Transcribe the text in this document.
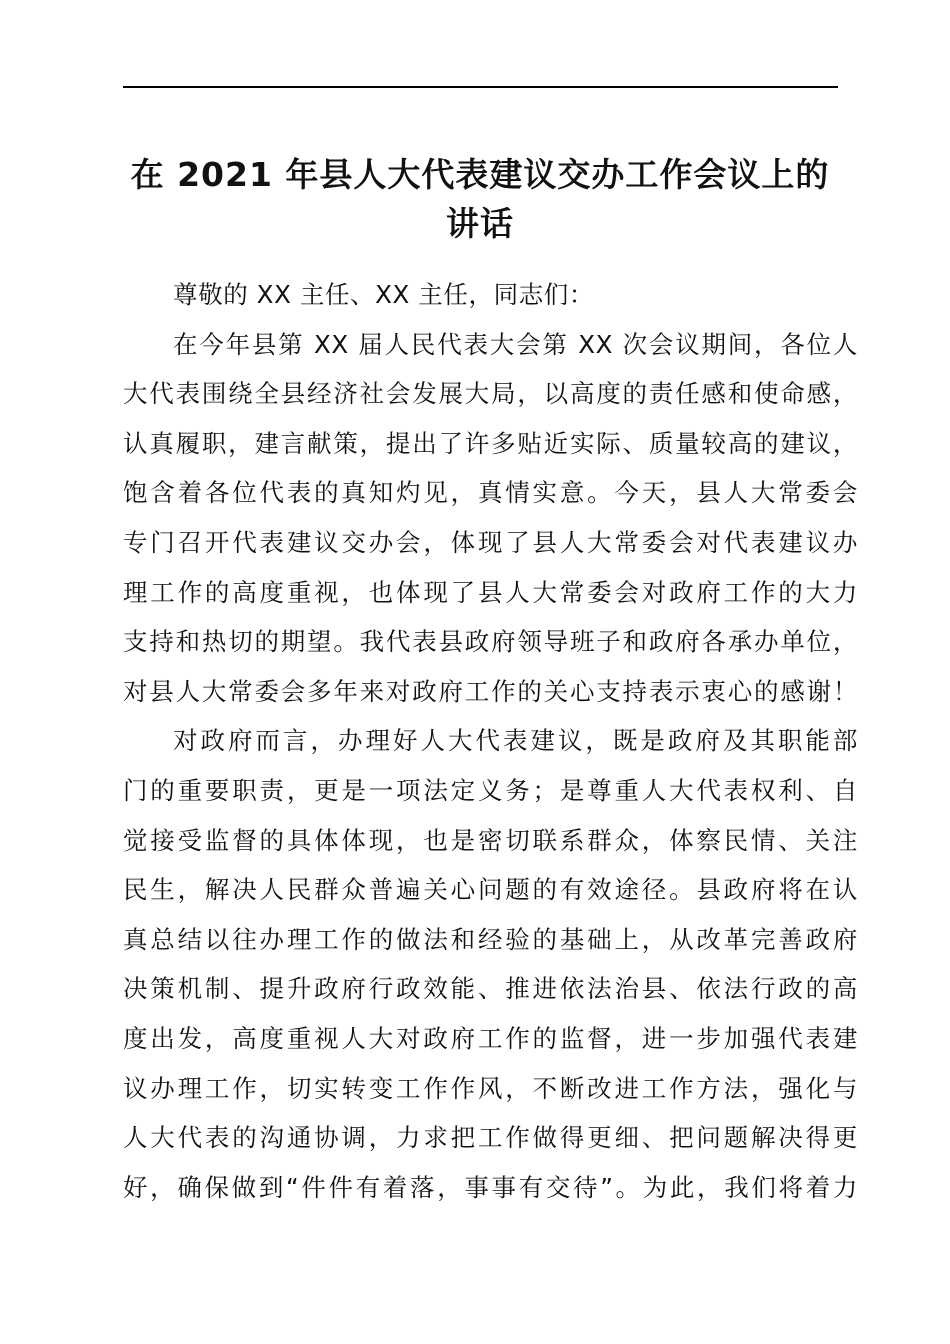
在 2021 年县人大代表建议交办工作会议上的
讲话
尊敬的 XX 主任、XX 主任，同志们：
在今年县第 XX 届人民代表大会第 XX 次会议期间，各位人
大代表围绕全县经济社会发展大局，以高度的责任感和使命感，
认真履职，建言献策，提出了许多贴近实际、质量较高的建议，
饱含着各位代表的真知灼见，真情实意。今天，县人大常委会
专门召开代表建议交办会，体现了县人大常委会对代表建议办
理工作的高度重视，也体现了县人大常委会对政府工作的大力
支持和热切的期望。我代表县政府领导班子和政府各承办单位，
对县人大常委会多年来对政府工作的关心支持表示衷心的感谢！
对政府而言，办理好人大代表建议，既是政府及其职能部
门的重要职责，更是一项法定义务；是尊重人大代表权利、自
觉接受监督的具体体现，也是密切联系群众，体察民情、关注
民生，解决人民群众普遍关心问题的有效途径。县政府将在认
真总结以往办理工作的做法和经验的基础上，从改革完善政府
决策机制、提升政府行政效能、推进依法治县、依法行政的高
度出发，高度重视人大对政府工作的监督，进一步加强代表建
议办理工作，切实转变工作作风，不断改进工作方法，强化与
人大代表的沟通协调，力求把工作做得更细、把问题解决得更
好，确保做到“件件有着落，事事有交待”。为此，我们将着力
